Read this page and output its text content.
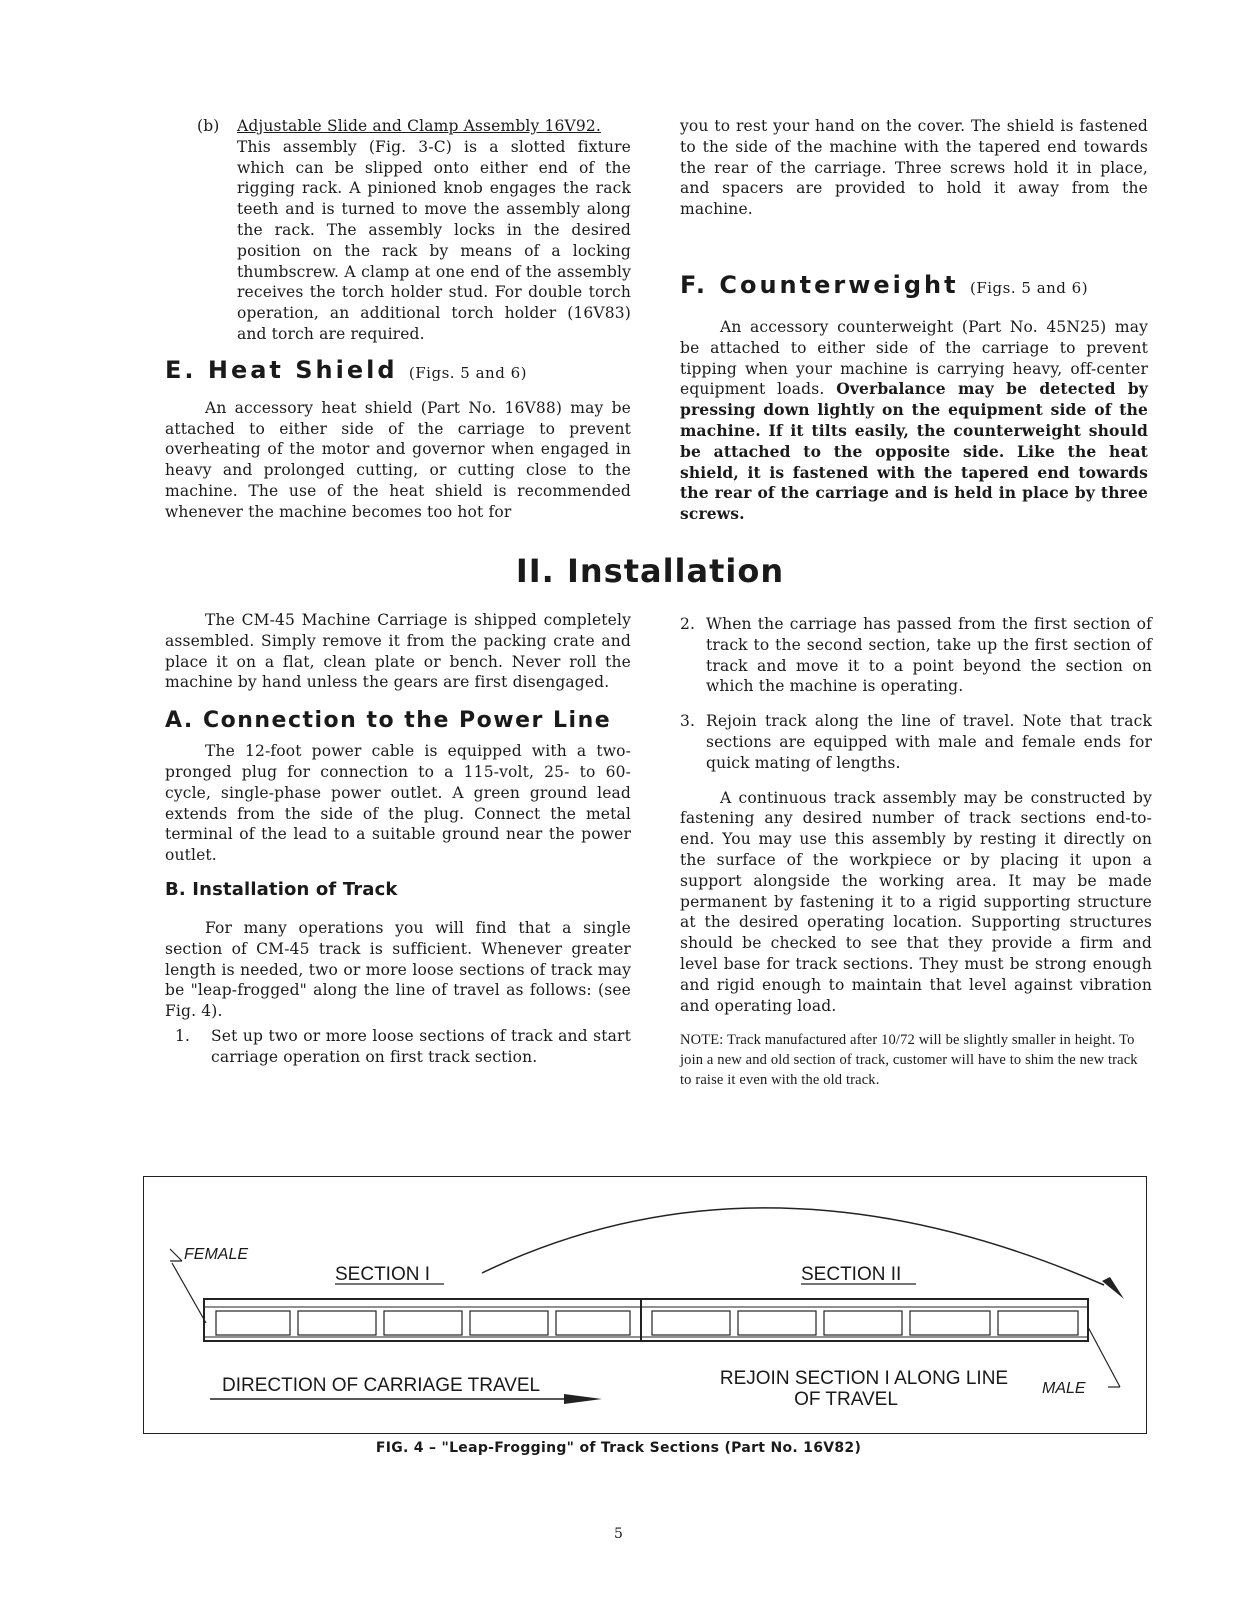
(b)	Adjustable Slide and Clamp Assembly 16V92.

This assembly (Fig. 3-C) is a slotted fixture which can be slipped onto either end of the rigging rack. A pinioned knob engages the rack teeth and is turned to move the assembly along the rack. The assembly locks in the desired position on the rack by means of a locking thumbscrew. A clamp at one end of the assembly receives the torch holder stud. For double torch operation, an additional torch holder (16V83) and torch are required.

E. Heat Shield (Figs. 5 and 6)

An accessory heat shield (Part No. 16V88) may be attached to either side of the carriage to prevent overheating of the motor and governor when engaged in heavy and prolonged cutting, or cutting close to the machine. The use of the heat shield is recommended whenever the machine becomes too hot for

you to rest your hand on the cover. The shield is fastened to the side of the machine with the tapered end towards the rear of the carriage. Three screws hold it in place, and spacers are provided to hold it away from the machine.

F. Counterweight (Figs. 5 and 6)

An accessory counterweight (Part No. 45N25) may be attached to either side of the carriage to prevent tipping when your machine is carrying heavy, off-center equipment loads. Overbalance may be detected by pressing down lightly on the equipment side of the machine. If it tilts easily, the counterweight should be attached to the opposite side. Like the heat shield, it is fastened with the tapered end towards the rear of the carriage and is held in place by three screws.

II. Installation

The CM-45 Machine Carriage is shipped completely assembled. Simply remove it from the packing crate and place it on a flat, clean plate or bench. Never roll the machine by hand unless the gears are first disengaged.

A. Connection to the Power Line

The 12-foot power cable is equipped with a two-pronged plug for connection to a 115-volt, 25- to 60-cycle, single-phase power outlet. A green ground lead extends from the side of the plug. Connect the metal terminal of the lead to a suitable ground near the power outlet.

B. Installation of Track

For many operations you will find that a single section of CM-45 track is sufficient. Whenever greater length is needed, two or more loose sections of track may be "leap-frogged" along the line of travel as follows: (see Fig. 4).

1.	Set up two or more loose sections of track and start carriage operation on first track section.
2. When the carriage has passed from the first section of track to the second section, take up the first section of track and move it to a point beyond the section on which the machine is operating.
3. Rejoin track along the line of travel. Note that track sections are equipped with male and female ends for quick mating of lengths.

A continuous track assembly may be constructed by fastening any desired number of track sections end-to-end. You may use this assembly by resting it directly on the surface of the workpiece or by placing it upon a support alongside the working area. It may be made permanent by fastening it to a rigid supporting structure at the desired operating location. Supporting structures should be checked to see that they provide a firm and level base for track sections. They must be strong enough and rigid enough to maintain that level against vibration and operating load.

NOTE: Track manufactured after 10/72 will be slightly smaller in height. To join a new and old section of track, customer will have to shim the new track to raise it even with the old track.

SECTION I	SECTION II
FEMALE
MALE
DIRECTION OF CARRIAGE TRAVEL	REJOIN SECTION I ALONG LINE
OF TRAVEL
FIG. 4 – "Leap-Frogging" of Track Sections (Part No. 16V82)
5
